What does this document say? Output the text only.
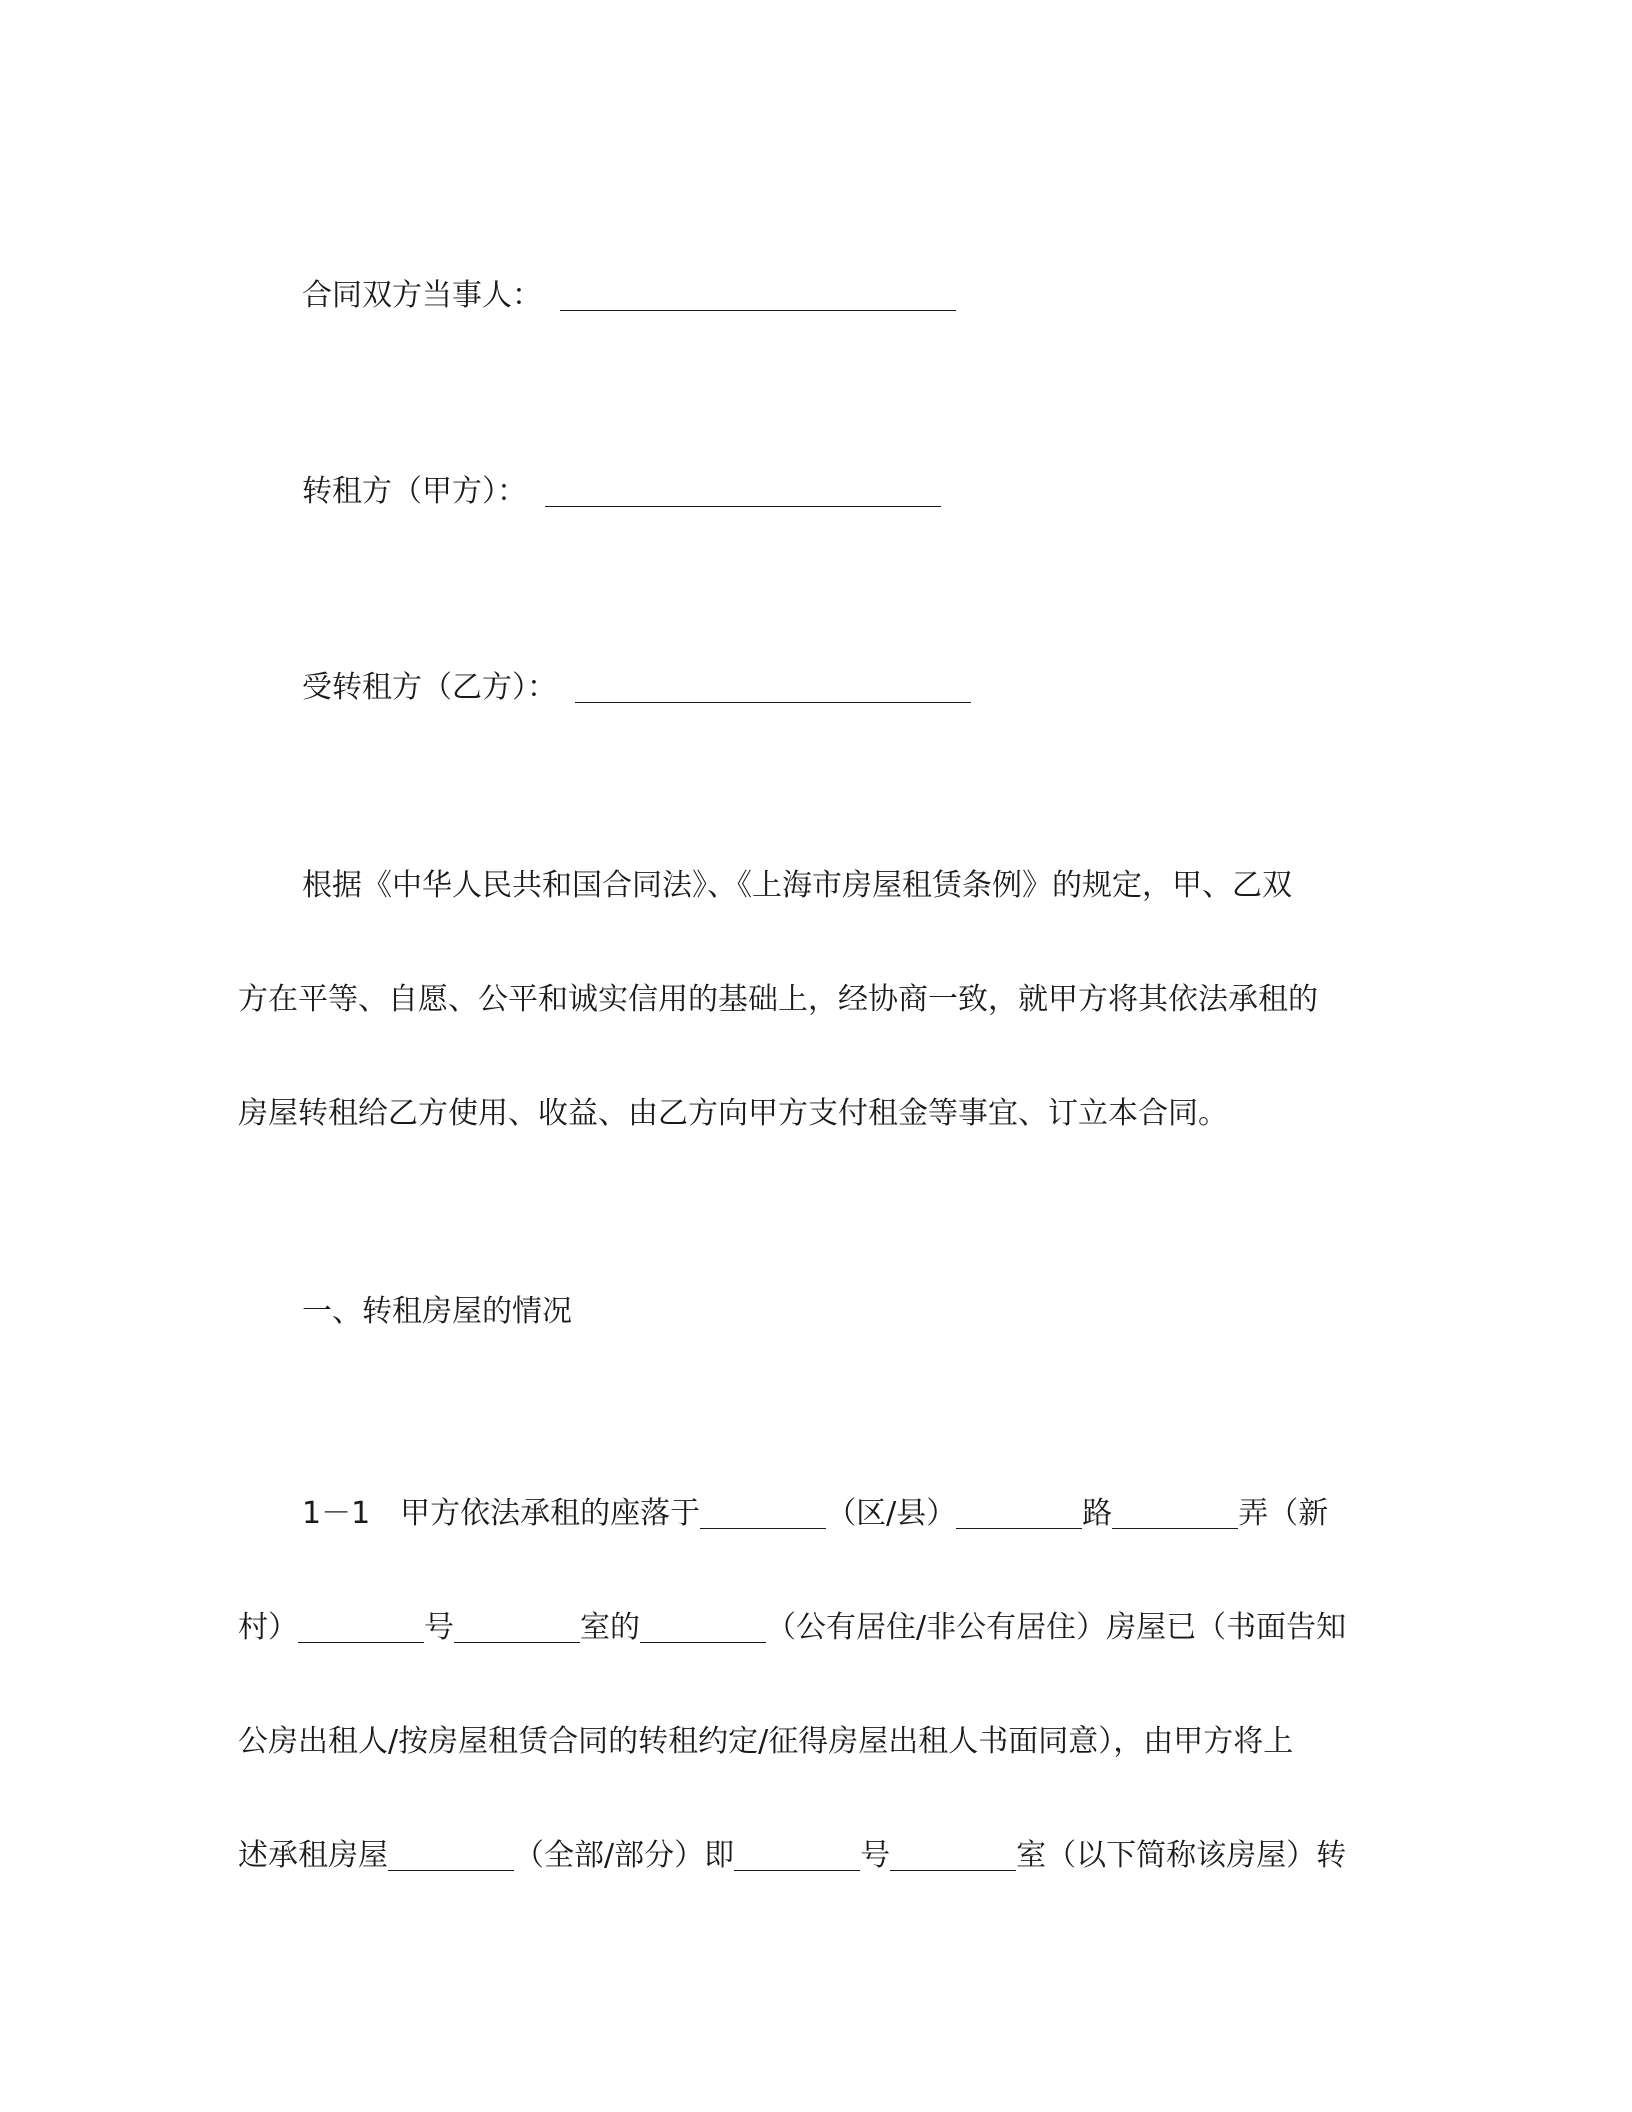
合同双方当事人：
转租方（甲方）：
受转租方（乙方）：
根据《中华人民共和国合同法》、《上海市房屋租赁条例》的规定，甲、乙双
方在平等、自愿、公平和诚实信用的基础上，经协商一致，就甲方将其依法承租的
房屋转租给乙方使用、收益、由乙方向甲方支付租金等事宜、订立本合同。
一、转租房屋的情况
1－1　甲方依法承租的座落于	（区/县）	路	弄（新
村）	号	室的	（公有居住/非公有居住）房屋已（书面告知
公房出租人/按房屋租赁合同的转租约定/征得房屋出租人书面同意），由甲方将上
述承租房屋	（全部/部分）即	号	室（以下简称该房屋）转
